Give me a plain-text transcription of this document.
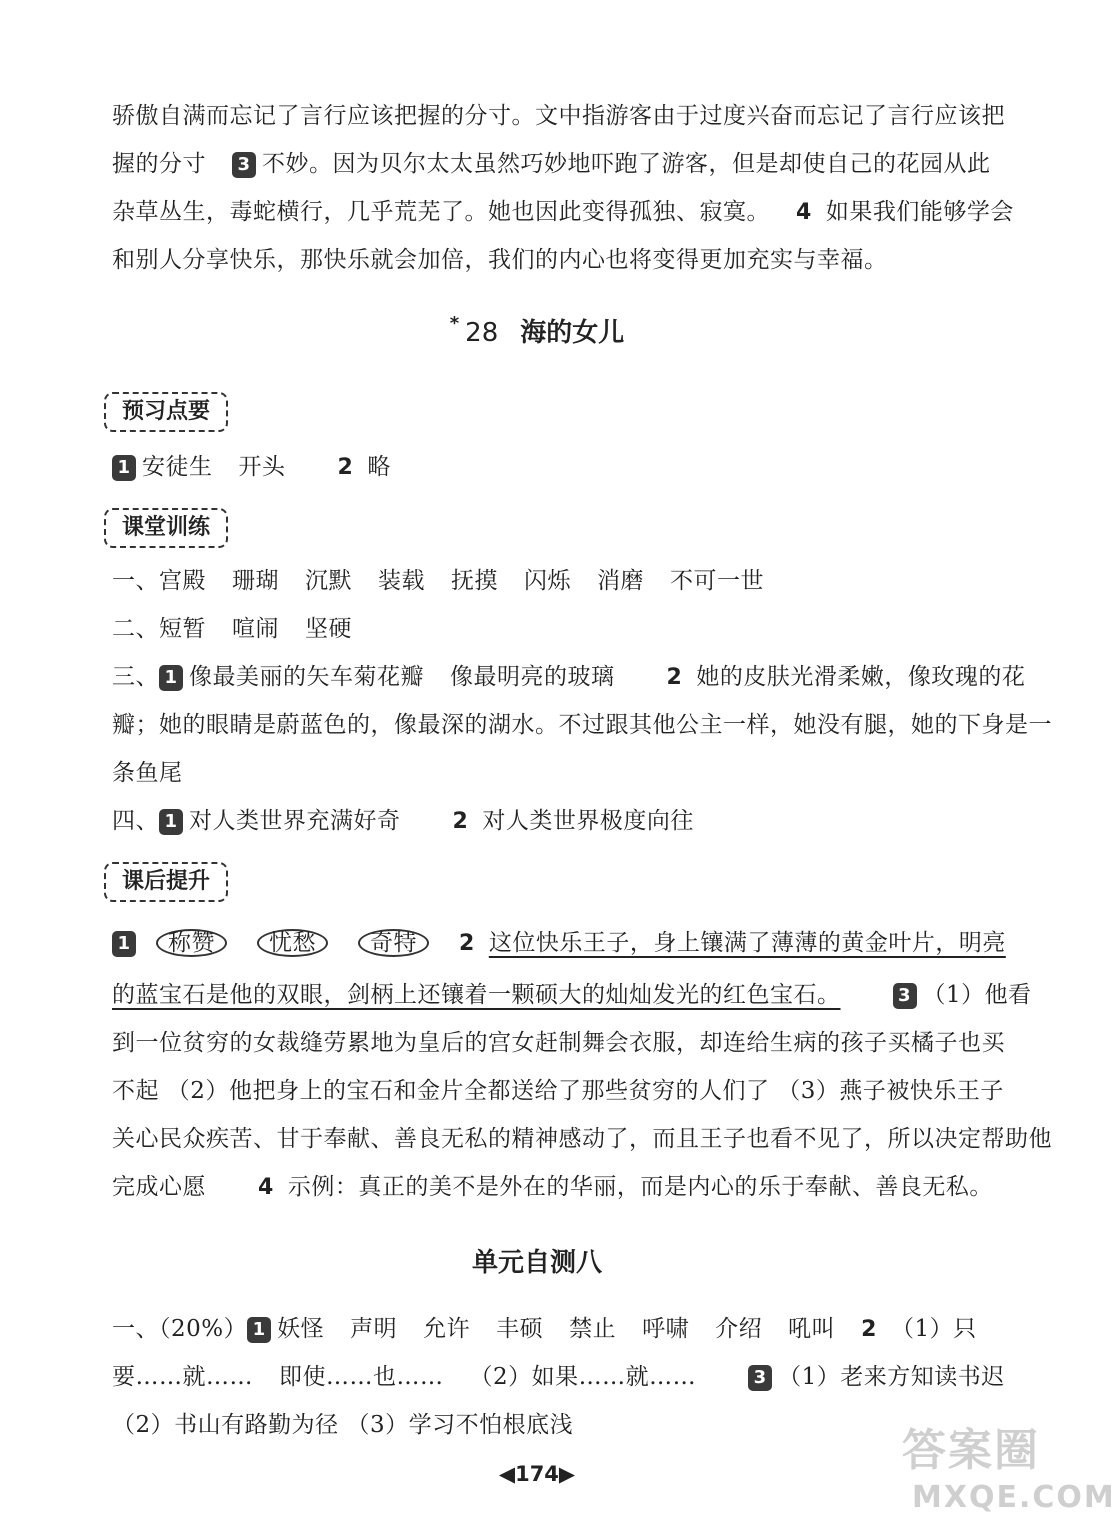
骄傲自满而忘记了言行应该把握的分寸。文中指游客由于过度兴奋而忘记了言行应该把
握的分寸 3 不妙。因为贝尔太太虽然巧妙地吓跑了游客，但是却使自己的花园从此
杂草丛生，毒蛇横行，几乎荒芜了。她也因此变得孤独、寂寞。 4 如果我们能够学会
和别人分享快乐，那快乐就会加倍，我们的内心也将变得更加充实与幸福。
* 28 海的女儿
预习点要
1 安徒生 开头 2 略
课堂训练
一、宫殿 珊瑚 沉默 装载 抚摸 闪烁 消磨 不可一世
二、短暂 喧闹 坚硬
三、 1 像最美丽的矢车菊花瓣 像最明亮的玻璃 2 她的皮肤光滑柔嫩，像玫瑰的花
瓣；她的眼睛是蔚蓝色的，像最深的湖水。不过跟其他公主一样，她没有腿，她的下身是一
条鱼尾
四、 1 对人类世界充满好奇 2 对人类世界极度向往
课后提升
1 称赞 忧愁 奇特 2 这位快乐王子，身上镶满了薄薄的黄金叶片，明亮
的蓝宝石是他的双眼，剑柄上还镶着一颗硕大的灿灿发光的红色宝石。	3 （1）他看
到一位贫穷的女裁缝劳累地为皇后的宫女赶制舞会衣服，却连给生病的孩子买橘子也买
不起 （2）他把身上的宝石和金片全都送给了那些贫穷的人们了 （3）燕子被快乐王子
关心民众疾苦、甘于奉献、善良无私的精神感动了，而且王子也看不见了，所以决定帮助他
完成心愿 4 示例：真正的美不是外在的华丽，而是内心的乐于奉献、善良无私。
单元自测八
一、（20%） 1 妖怪 声明 允许 丰硕 禁止 呼啸 介绍 吼叫 2 （1）只
要……就…… 即使……也…… （2）如果……就……	3 （1）老来方知读书迟
（2）书山有路勤为径 （3）学习不怕根底浅
◀174▶	答案圈
MXQE.COM
